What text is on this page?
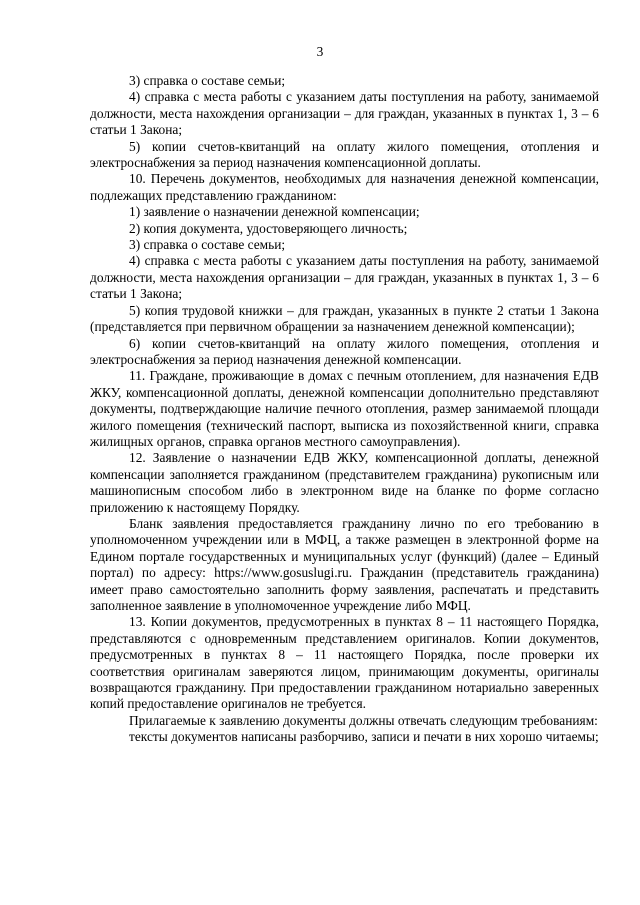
3

3) справка о составе семьи;

4) справка с места работы с указанием даты поступления на работу, занимаемой должности, места нахождения организации – для граждан, указанных в пунктах 1, 3 – 6 статьи 1 Закона;

5) копии счетов-квитанций на оплату жилого помещения, отопления и электроснабжения за период назначения компенсационной доплаты.

10. Перечень документов, необходимых для назначения денежной компенсации, подлежащих представлению гражданином:

1) заявление о назначении денежной компенсации;

2) копия документа, удостоверяющего личность;

3) справка о составе семьи;

4) справка с места работы с указанием даты поступления на работу, занимаемой должности, места нахождения организации – для граждан, указанных в пунктах 1, 3 – 6 статьи 1 Закона;

5) копия трудовой книжки – для граждан, указанных в пункте 2 статьи 1 Закона (представляется при первичном обращении за назначением денежной компенсации);

6) копии счетов-квитанций на оплату жилого помещения, отопления и электроснабжения за период назначения денежной компенсации.

11. Граждане, проживающие в домах с печным отоплением, для назначения ЕДВ ЖКУ, компенсационной доплаты, денежной компенсации дополнительно представляют документы, подтверждающие наличие печного отопления, размер занимаемой площади жилого помещения (технический паспорт, выписка из похозяйственной книги, справка жилищных органов, справка органов местного самоуправления).

12. Заявление о назначении ЕДВ ЖКУ, компенсационной доплаты, денежной компенсации заполняется гражданином (представителем гражданина) рукописным или машинописным способом либо в электронном виде на бланке по форме согласно приложению к настоящему Порядку.

Бланк заявления предоставляется гражданину лично по его требованию в уполномоченном учреждении или в МФЦ, а также размещен в электронной форме на Едином портале государственных и муниципальных услуг (функций) (далее – Единый портал) по адресу: https://www.gosuslugi.ru. Гражданин (представитель гражданина) имеет право самостоятельно заполнить форму заявления, распечатать и представить заполненное заявление в уполномоченное учреждение либо МФЦ.

13. Копии документов, предусмотренных в пунктах 8 – 11 настоящего Порядка, представляются с одновременным представлением оригиналов. Копии документов, предусмотренных в пунктах 8 – 11 настоящего Порядка, после проверки их соответствия оригиналам заверяются лицом, принимающим документы, оригиналы возвращаются гражданину. При предоставлении гражданином нотариально заверенных копий предоставление оригиналов не требуется.

Прилагаемые к заявлению документы должны отвечать следующим требованиям:

тексты документов написаны разборчиво, записи и печати в них хорошо читаемы;
